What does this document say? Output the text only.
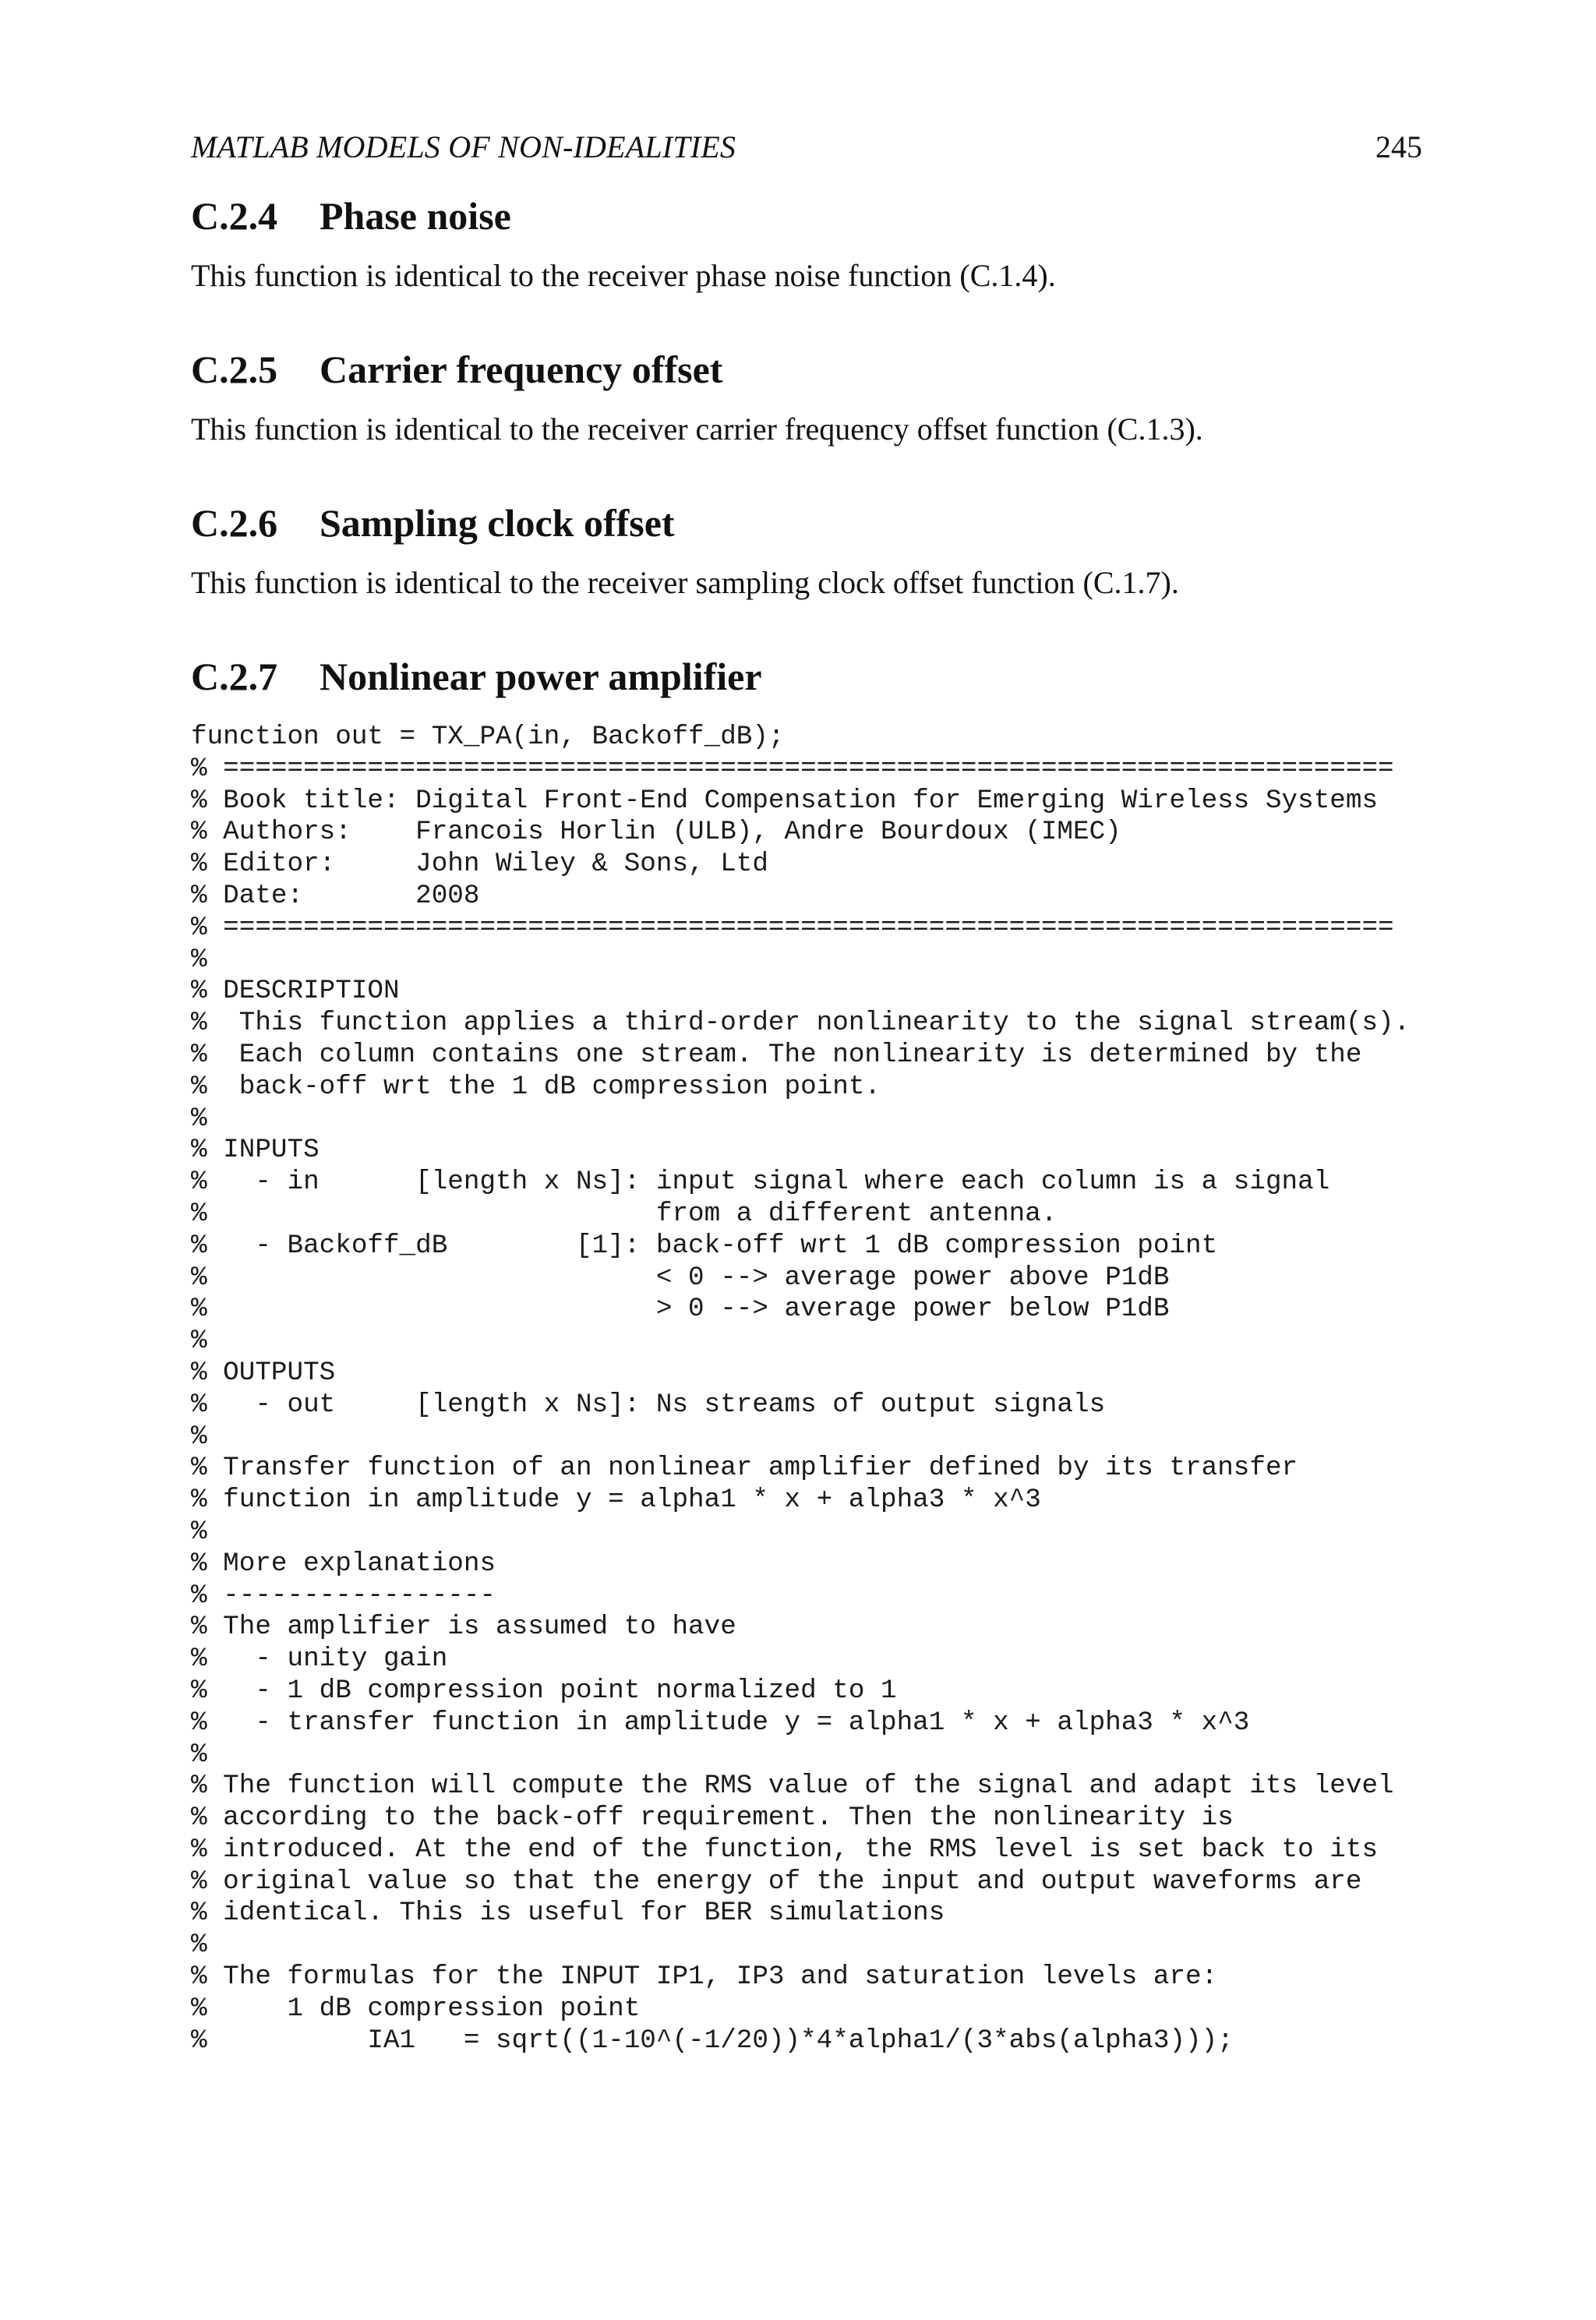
MATLAB MODELS OF NON-IDEALITIES	245
C.2.4 Phase noise
This function is identical to the receiver phase noise function (C.1.4).
C.2.5 Carrier frequency offset
This function is identical to the receiver carrier frequency offset function (C.1.3).
C.2.6 Sampling clock offset
This function is identical to the receiver sampling clock offset function (C.1.7).
C.2.7 Nonlinear power amplifier
function out = TX_PA(in, Backoff_dB);
% =========================================================================
% Book title: Digital Front-End Compensation for Emerging Wireless Systems
% Authors:    Francois Horlin (ULB), Andre Bourdoux (IMEC)
% Editor:     John Wiley & Sons, Ltd
% Date:       2008
% =========================================================================
%
% DESCRIPTION
%  This function applies a third-order nonlinearity to the signal stream(s).
%  Each column contains one stream. The nonlinearity is determined by the
%  back-off wrt the 1 dB compression point.
%
% INPUTS
%   - in      [length x Ns]: input signal where each column is a signal
%                            from a different antenna.
%   - Backoff_dB        [1]: back-off wrt 1 dB compression point
%                            < 0 --> average power above P1dB
%                            > 0 --> average power below P1dB
%
% OUTPUTS
%   - out     [length x Ns]: Ns streams of output signals
%
% Transfer function of an nonlinear amplifier defined by its transfer
% function in amplitude y = alpha1 * x + alpha3 * x^3
%
% More explanations
% -----------------
% The amplifier is assumed to have
%   - unity gain
%   - 1 dB compression point normalized to 1
%   - transfer function in amplitude y = alpha1 * x + alpha3 * x^3
%
% The function will compute the RMS value of the signal and adapt its level
% according to the back-off requirement. Then the nonlinearity is
% introduced. At the end of the function, the RMS level is set back to its
% original value so that the energy of the input and output waveforms are
% identical. This is useful for BER simulations
%
% The formulas for the INPUT IP1, IP3 and saturation levels are:
%     1 dB compression point
%          IA1   = sqrt((1-10^(-1/20))*4*alpha1/(3*abs(alpha3)));
